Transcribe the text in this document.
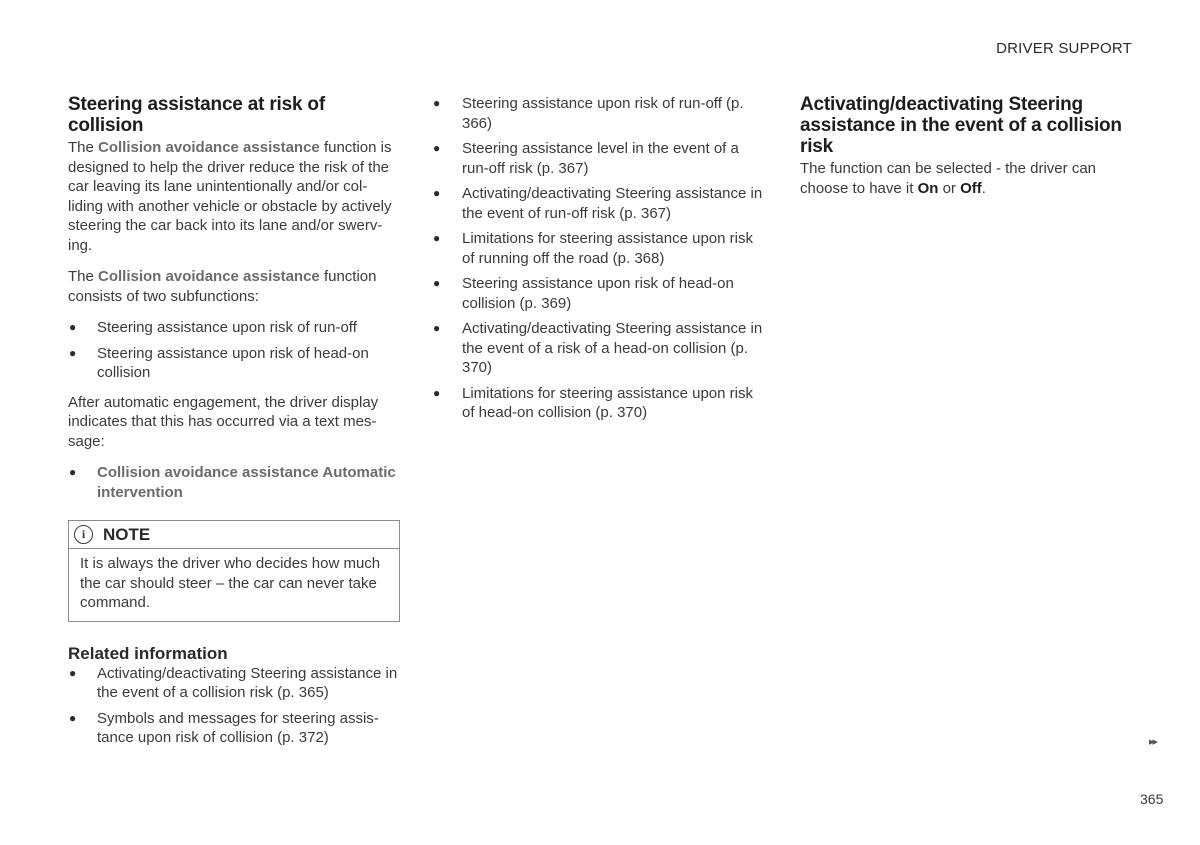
DRIVER SUPPORT
Steering assistance at risk of collision

The Collision avoidance assistance function is designed to help the driver reduce the risk of the car leaving its lane unintentionally and/or col-liding with another vehicle or obstacle by actively steering the car back into its lane and/or swerv-ing.

The Collision avoidance assistance function consists of two subfunctions:

● Steering assistance upon risk of run-off
● Steering assistance upon risk of head-on collision

After automatic engagement, the driver display indicates that this has occurred via a text mes-sage:

● Collision avoidance assistance Automatic intervention
i	NOTE

It is always the driver who decides how much the car should steer – the car can never take command.

Related information
● Activating/deactivating Steering assistance in the event of a collision risk (p. 365)
● Symbols and messages for steering assis-tance upon risk of collision (p. 372)
● Steering assistance upon risk of run-off (p. 366)
● Steering assistance level in the event of a run-off risk (p. 367)
● Activating/deactivating Steering assistance in the event of run-off risk (p. 367)
● Limitations for steering assistance upon risk of running off the road (p. 368)
● Steering assistance upon risk of head-on collision (p. 369)
● Activating/deactivating Steering assistance in the event of a risk of a head-on collision (p. 370)
● Limitations for steering assistance upon risk of head-on collision (p. 370)
Activating/deactivating Steering assistance in the event of a collision risk

The function can be selected - the driver can choose to have it On or Off.

▸▸
365
